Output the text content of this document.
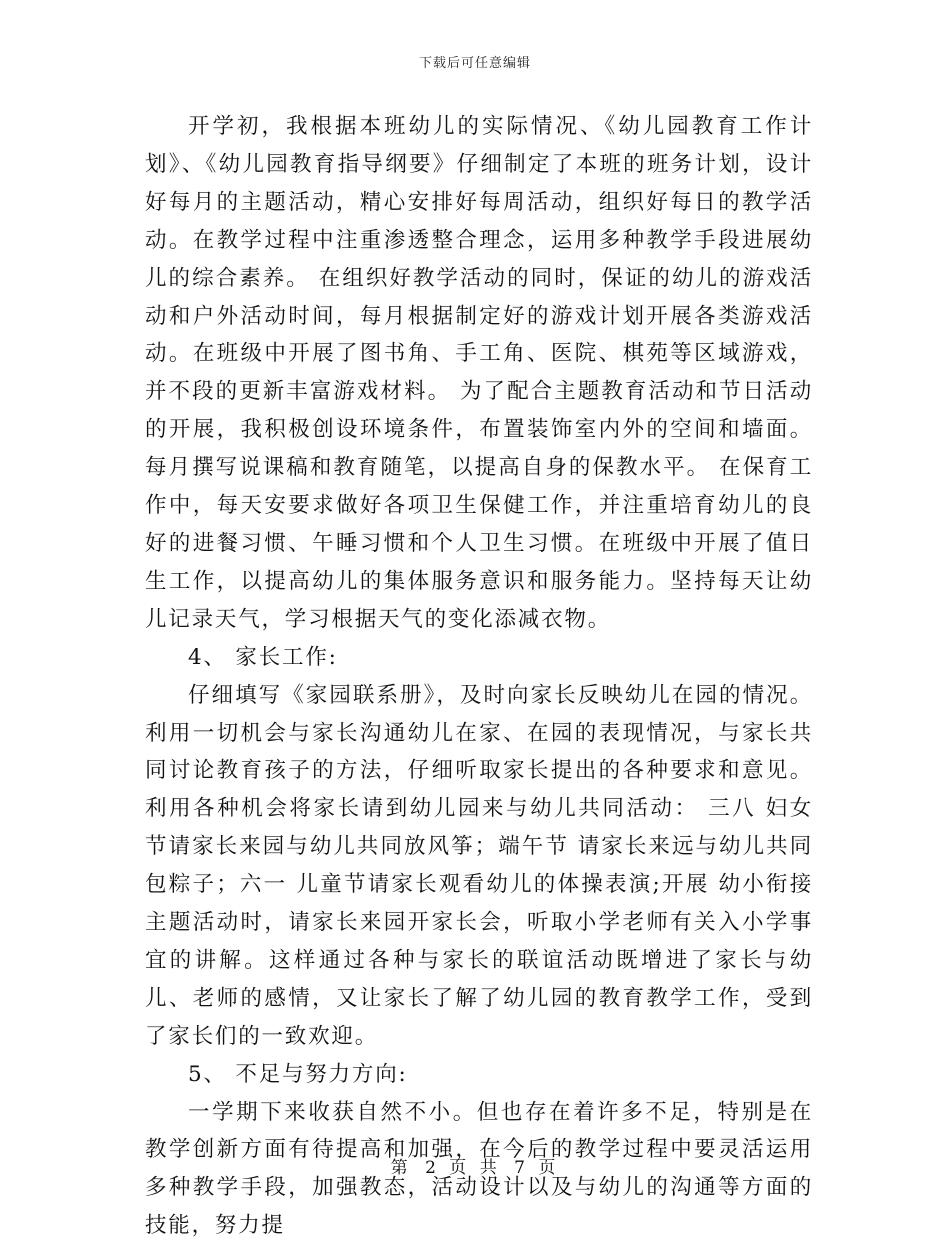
下载后可任意编辑

开学初，我根据本班幼儿的实际情况、《幼儿园教育工作计划》、《幼儿园教育指导纲要》仔细制定了本班的班务计划，设计好每月的主题活动，精心安排好每周活动，组织好每日的教学活动。在教学过程中注重渗透整合理念，运用多种教学手段进展幼儿的综合素养。 在组织好教学活动的同时，保证的幼儿的游戏活动和户外活动时间，每月根据制定好的游戏计划开展各类游戏活动。在班级中开展了图书角、手工角、医院、棋苑等区域游戏，并不段的更新丰富游戏材料。 为了配合主题教育活动和节日活动的开展，我积极创设环境条件，布置装饰室内外的空间和墙面。每月撰写说课稿和教育随笔，以提高自身的保教水平。 在保育工作中，每天安要求做好各项卫生保健工作，并注重培育幼儿的良好的进餐习惯、午睡习惯和个人卫生习惯。在班级中开展了值日生工作，以提高幼儿的集体服务意识和服务能力。坚持每天让幼儿记录天气，学习根据天气的变化添减衣物。

4、 家长工作:

仔细填写《家园联系册》，及时向家长反映幼儿在园的情况。利用一切机会与家长沟通幼儿在家、在园的表现情况，与家长共同讨论教育孩子的方法，仔细听取家长提出的各种要求和意见。 利用各种机会将家长请到幼儿园来与幼儿共同活动： 三八 妇女节请家长来园与幼儿共同放风筝；端午节 请家长来远与幼儿共同包粽子；六一 儿童节请家长观看幼儿的体操表演;开展 幼小衔接 主题活动时，请家长来园开家长会，听取小学老师有关入小学事宜的讲解。这样通过各种与家长的联谊活动既增进了家长与幼儿、老师的感情，又让家长了解了幼儿园的教育教学工作，受到了家长们的一致欢迎。

5、 不足与努力方向:

一学期下来收获自然不小。但也存在着许多不足，特别是在教学创新方面有待提高和加强，在今后的教学过程中要灵活运用多种教学手段，加强教态，活动设计以及与幼儿的沟通等方面的技能，努力提

第 2 页 共 7 页
